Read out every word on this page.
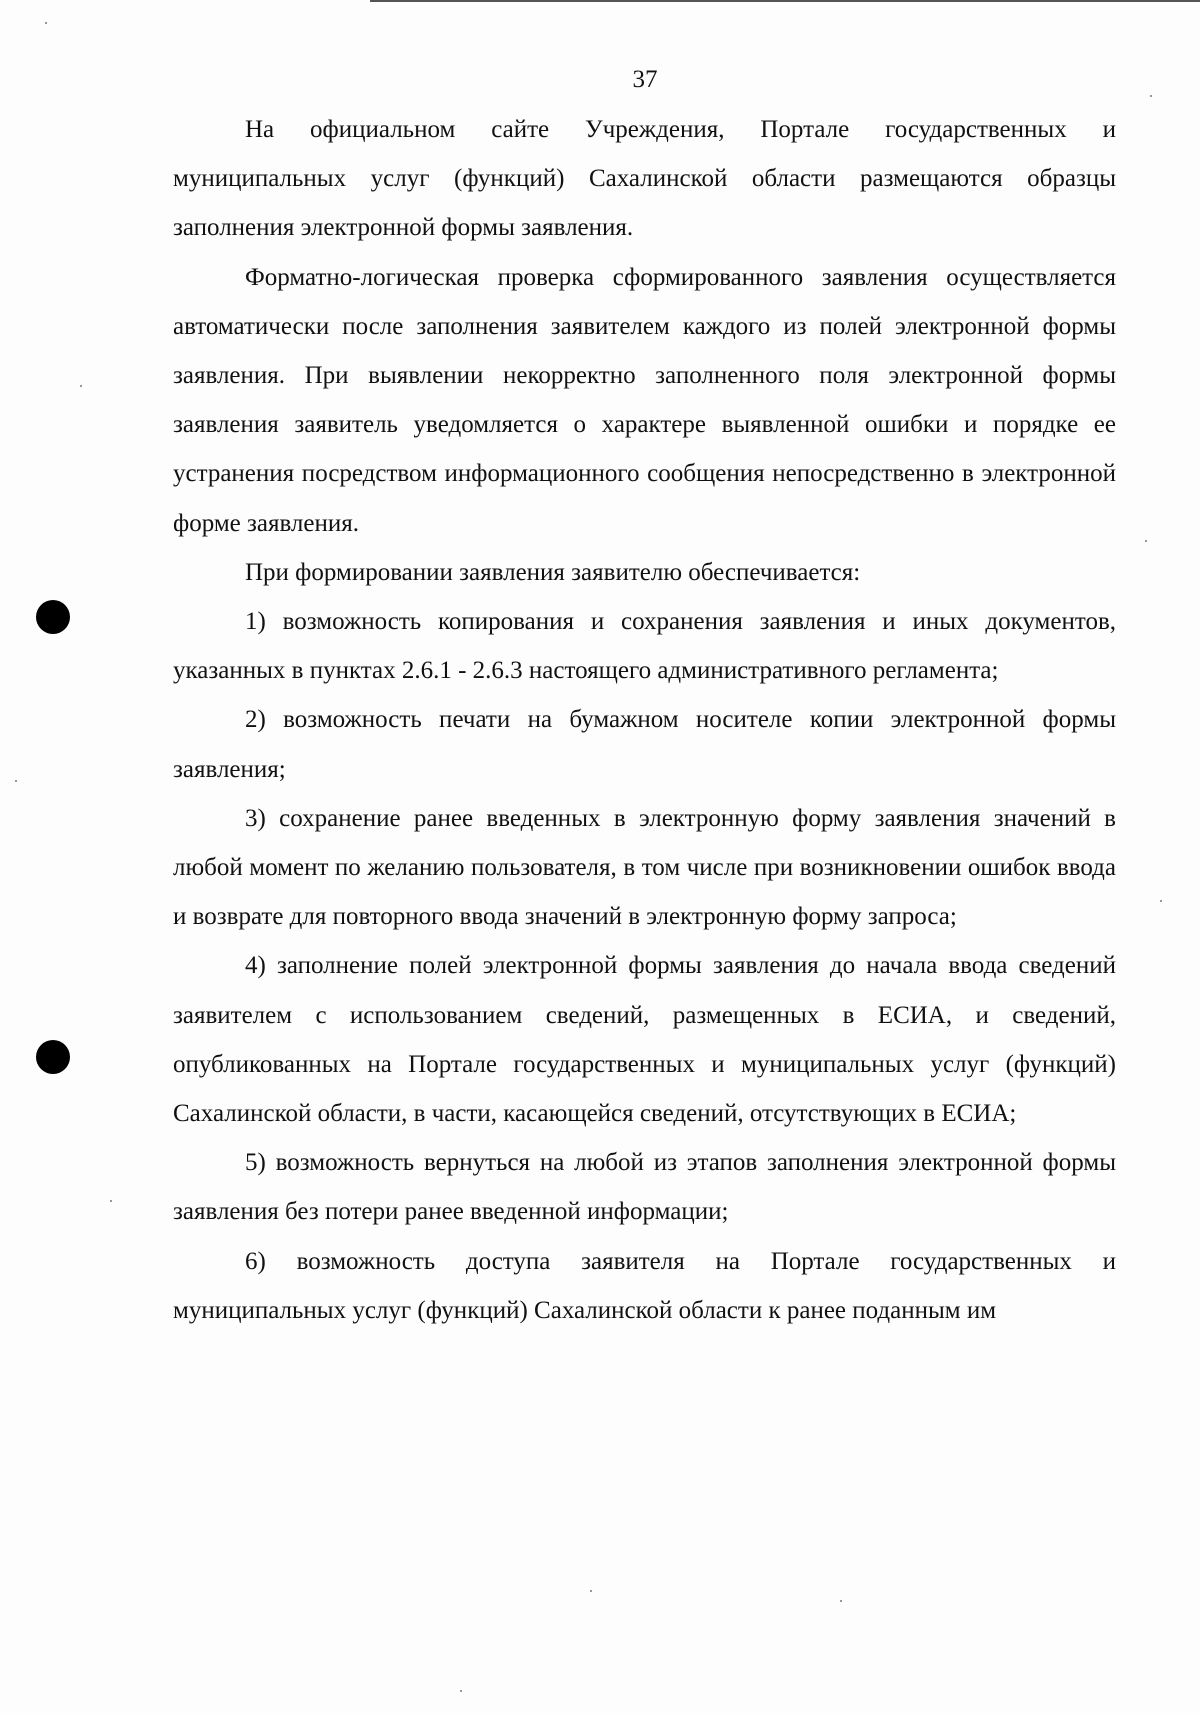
37

На официальном сайте Учреждения, Портале государственных и муниципальных услуг (функций) Сахалинской области размещаются образцы заполнения электронной формы заявления.

Форматно-логическая проверка сформированного заявления осуществляется автоматически после заполнения заявителем каждого из полей электронной формы заявления. При выявлении некорректно заполненного поля электронной формы заявления заявитель уведомляется о характере выявленной ошибки и порядке ее устранения посредством информационного сообщения непосредственно в электронной форме заявления.

При формировании заявления заявителю обеспечивается:

1) возможность копирования и сохранения заявления и иных документов, указанных в пунктах 2.6.1 - 2.6.3 настоящего административного регламента;

2) возможность печати на бумажном носителе копии электронной формы заявления;

3) сохранение ранее введенных в электронную форму заявления значений в любой момент по желанию пользователя, в том числе при возникновении ошибок ввода и возврате для повторного ввода значений в электронную форму запроса;

4) заполнение полей электронной формы заявления до начала ввода сведений заявителем с использованием сведений, размещенных в ЕСИА, и сведений, опубликованных на Портале государственных и муниципальных услуг (функций) Сахалинской области, в части, касающейся сведений, отсутствующих в ЕСИА;

5) возможность вернуться на любой из этапов заполнения электронной формы заявления без потери ранее введенной информации;

6) возможность доступа заявителя на Портале государственных и муниципальных услуг (функций) Сахалинской области к ранее поданным им
